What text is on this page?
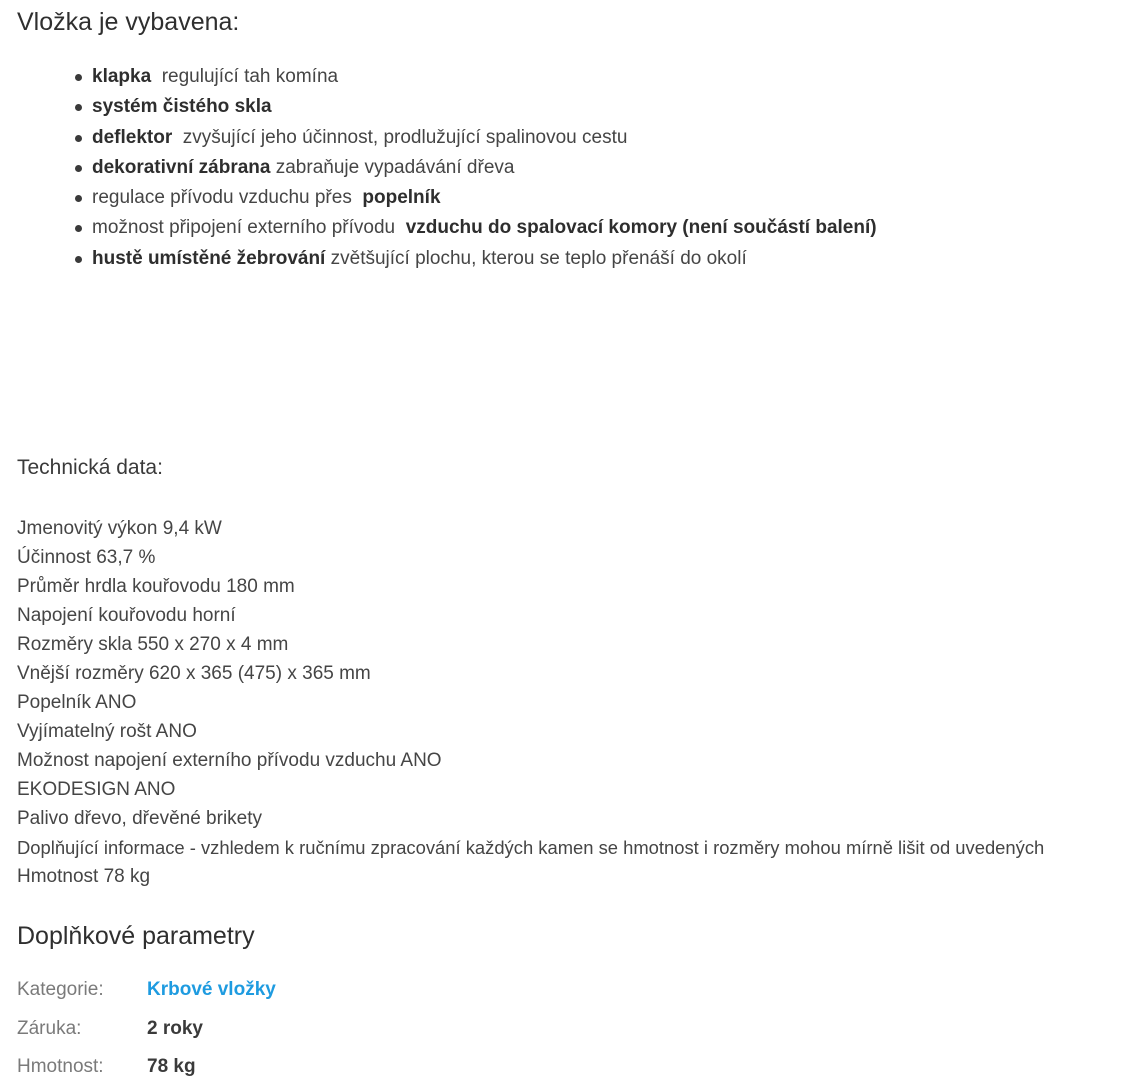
Vložka je vybavena:
klapka  regulující tah komína
systém čistého skla
deflektor  zvyšující jeho účinnost, prodlužující spalinovou cestu
dekorativní zábrana zabraňuje vypadávání dřeva
regulace přívodu vzduchu přes  popelník
možnost připojení externího přívodu  vzduchu do spalovací komory (není součástí balení)
hustě umístěné žebrování zvětšující plochu, kterou se teplo přenáší do okolí
Technická data:
Jmenovitý výkon 9,4 kW
Účinnost 63,7 %
Průměr hrdla kouřovodu 180 mm
Napojení kouřovodu horní
Rozměry skla 550 x 270 x 4 mm
Vnější rozměry 620 x 365 (475) x 365 mm
Popelník ANO
Vyjímatelný rošt ANO
Možnost napojení externího přívodu vzduchu ANO
EKODESIGN ANO
Palivo dřevo, dřevěné brikety
Doplňující informace - vzhledem k ručnímu zpracování každých kamen se hmotnost i rozměry mohou mírně lišit od uvedených
Hmotnost 78 kg
Doplňkové parametry
Kategorie: Krbové vložky
Záruka:	2 roky
Hmotnost: 78 kg
